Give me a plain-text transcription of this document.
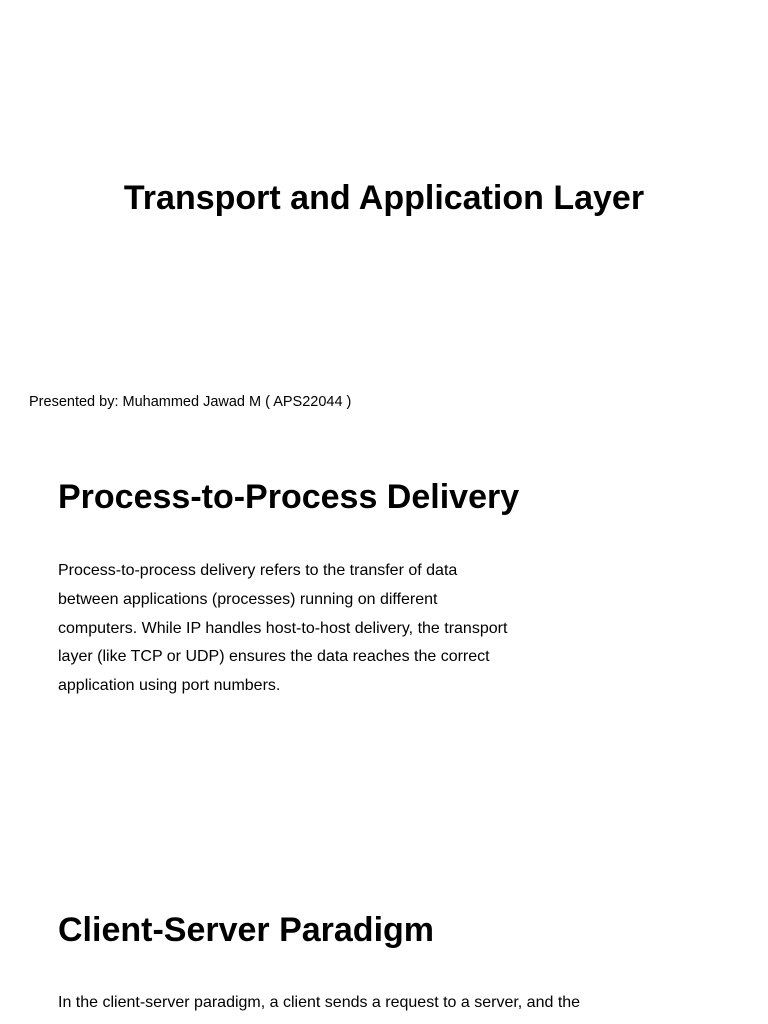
Transport and Application Layer

Presented by: Muhammed Jawad M ( APS22044 )

Process-to-Process Delivery

Process-to-process delivery refers to the transfer of data between applications (processes) running on different computers. While IP handles host-to-host delivery, the transport layer (like TCP or UDP) ensures the data reaches the correct application using port numbers.

Client-Server Paradigm

In the client-server paradigm, a client sends a request to a server, and the
